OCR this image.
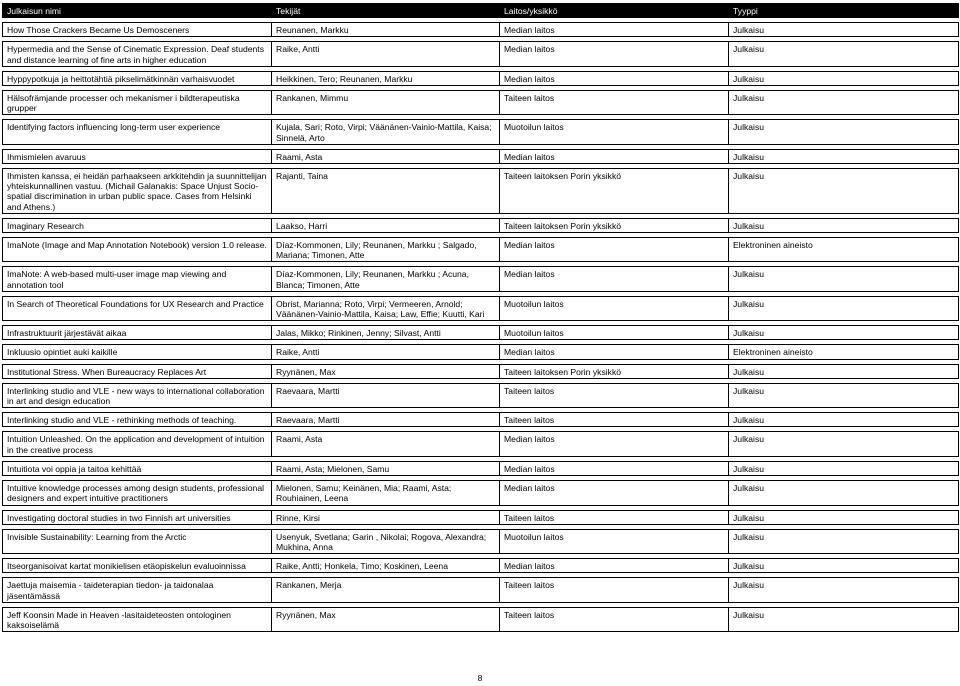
Julkaisun nimi	Tekijät	Laitos/yksikkö	Tyyppi

How Those Crackers Became Us Demosceners	Reunanen, Markku	Median laitos	Julkaisu

Hypermedia and the Sense of Cinematic Expression. Deaf students and distance learning of fine arts in higher education	Raike, Antti	Median laitos	Julkaisu

Hyppypotkuja ja heittotähtiä pikselimätkinnän varhaisvuodet	Heikkinen, Tero; Reunanen, Markku	Median laitos	Julkaisu

Hälsofrämjande processer och mekanismer i bildterapeutiska grupper	Rankanen, Mimmu	Taiteen laitos	Julkaisu

Identifying factors influencing long-term user experience	Kujala, Sari; Roto, Virpi; Väänänen-Vainio-Mattila, Kaisa; Sinnelä, Arto	Muotoilun laitos	Julkaisu

Ihmismielen avaruus	Raami, Asta	Median laitos	Julkaisu

Ihmisten kanssa, ei heidän parhaakseen arkkitehdin ja suunnittelijan yhteiskunnallinen vastuu. (Michail Galanakis: Space Unjust Socio-spatial discrimination in urban public space. Cases from Helsinki and Athens.)	Rajanti, Taina	Taiteen laitoksen Porin yksikkö	Julkaisu

Imaginary Research	Laakso, Harri	Taiteen laitoksen Porin yksikkö	Julkaisu

ImaNote (Image and Map Annotation Notebook) version 1.0 release.	Díaz-Kommonen, Lily; Reunanen, Markku ; Salgado, Mariana; Timonen, Atte	Median laitos	Elektroninen aineisto

ImaNote: A web-based multi-user image map viewing and annotation tool	Díaz-Kommonen, Lily; Reunanen, Markku ; Acuna, Blanca; Timonen, Atte	Median laitos	Julkaisu

In Search of Theoretical Foundations for UX Research and Practice	Obrist, Marianna; Roto, Virpi; Vermeeren, Arnold; Väänänen-Vainio-Mattila, Kaisa; Law, Effie; Kuutti, Kari	Muotoilun laitos	Julkaisu

Infrastruktuurit järjestävät aikaa	Jalas, Mikko; Rinkinen, Jenny; Silvast, Antti	Muotoilun laitos	Julkaisu

Inkluusio opintiet auki kaikille	Raike, Antti	Median laitos	Elektroninen aineisto

Institutional Stress. When Bureaucracy Replaces Art	Ryynänen, Max	Taiteen laitoksen Porin yksikkö	Julkaisu

Interlinking studio and VLE - new ways to international collaboration in art and design education	Raevaara, Martti	Taiteen laitos	Julkaisu

Interlinking studio and VLE - rethinking methods of teaching.	Raevaara, Martti	Taiteen laitos	Julkaisu

Intuition Unleashed. On the application and development of intuition in the creative process	Raami, Asta	Median laitos	Julkaisu

Intuitiota voi oppia ja taitoa kehittää	Raami, Asta; Mielonen, Samu	Median laitos	Julkaisu

Intuitive knowledge processes among design students, professional designers and expert intuitive practitioners	Mielonen, Samu; Keinänen, Mia; Raami, Asta; Rouhiainen, Leena	Median laitos	Julkaisu

Investigating doctoral studies in two Finnish art universities	Rinne, Kirsi	Taiteen laitos	Julkaisu

Invisible Sustainability: Learning from the Arctic	Usenyuk, Svetlana; Garin , Nikolai; Rogova, Alexandra; Mukhina, Anna	Muotoilun laitos	Julkaisu

Itseorganisoivat kartat monikielisen etäopiskelun evaluoinnissa	Raike, Antti; Honkela, Timo; Koskinen, Leena	Median laitos	Julkaisu

Jaettuja maisemia - taideterapian tiedon- ja taidonalaa jäsentämässä	Rankanen, Merja	Taiteen laitos	Julkaisu

Jeff Koonsin Made in Heaven -lasitaideteosten ontologinen kaksoiselämä	Ryynänen, Max	Taiteen laitos	Julkaisu
8
